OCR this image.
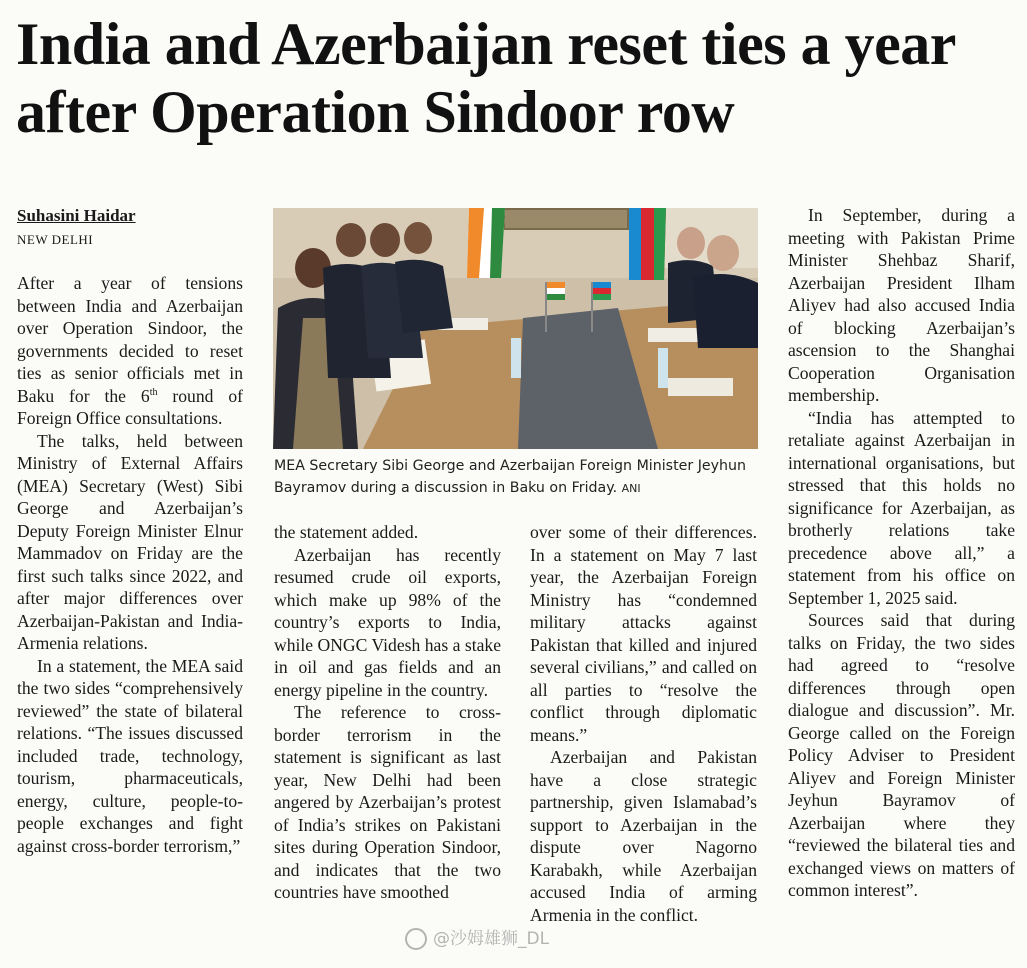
India and Azerbaijan reset ties a year after Operation Sindoor row
Suhasini Haidar
NEW DELHI

After a year of tensions between India and Azerbaijan over Operation Sindoor, the governments decided to reset ties as senior officials met in Baku for the 6th round of Foreign Office consultations.

The talks, held between Ministry of External Affairs (MEA) Secretary (West) Sibi George and Azerbaijan’s Deputy Foreign Minister Elnur Mammadov on Friday are the first such talks since 2022, and after major differences over Azerbaijan-Pakistan and India-Armenia relations.

In a statement, the MEA said the two sides “comprehensively reviewed” the state of bilateral relations. “The issues discussed included trade, technology, tourism, pharmaceuticals, energy, culture, people-to-people exchanges and fight against cross-border terrorism,”

MEA Secretary Sibi George and Azerbaijan Foreign Minister Jeyhun Bayramov during a discussion in Baku on Friday. ANI

the statement added.

Azerbaijan has recently resumed crude oil exports, which make up 98% of the country’s exports to India, while ONGC Videsh has a stake in oil and gas fields and an energy pipeline in the country.

The reference to cross-border terrorism in the statement is significant as last year, New Delhi had been angered by Azerbaijan’s protest of India’s strikes on Pakistani sites during Operation Sindoor, and indicates that the two countries have smoothed

over some of their differences. In a statement on May 7 last year, the Azerbaijan Foreign Ministry has “condemned military attacks against Pakistan that killed and injured several civilians,” and called on all parties to “resolve the conflict through diplomatic means.”

Azerbaijan and Pakistan have a close strategic partnership, given Islamabad’s support to Azerbaijan in the dispute over Nagorno Karabakh, while Azerbaijan accused India of arming Armenia in the conflict.

In September, during a meeting with Pakistan Prime Minister Shehbaz Sharif, Azerbaijan President Ilham Aliyev had also accused India of blocking Azerbaijan’s ascension to the Shanghai Cooperation Organisation membership.

“India has attempted to retaliate against Azerbaijan in international organisations, but stressed that this holds no significance for Azerbaijan, as brotherly relations take precedence above all,” a statement from his office on September 1, 2025 said.

Sources said that during talks on Friday, the two sides had agreed to “resolve differences through open dialogue and discussion”. Mr. George called on the Foreign Policy Adviser to President Aliyev and Foreign Minister Jeyhun Bayramov of Azerbaijan where they “reviewed the bilateral ties and exchanged views on matters of common interest”.

@沙姆雄狮_DL
